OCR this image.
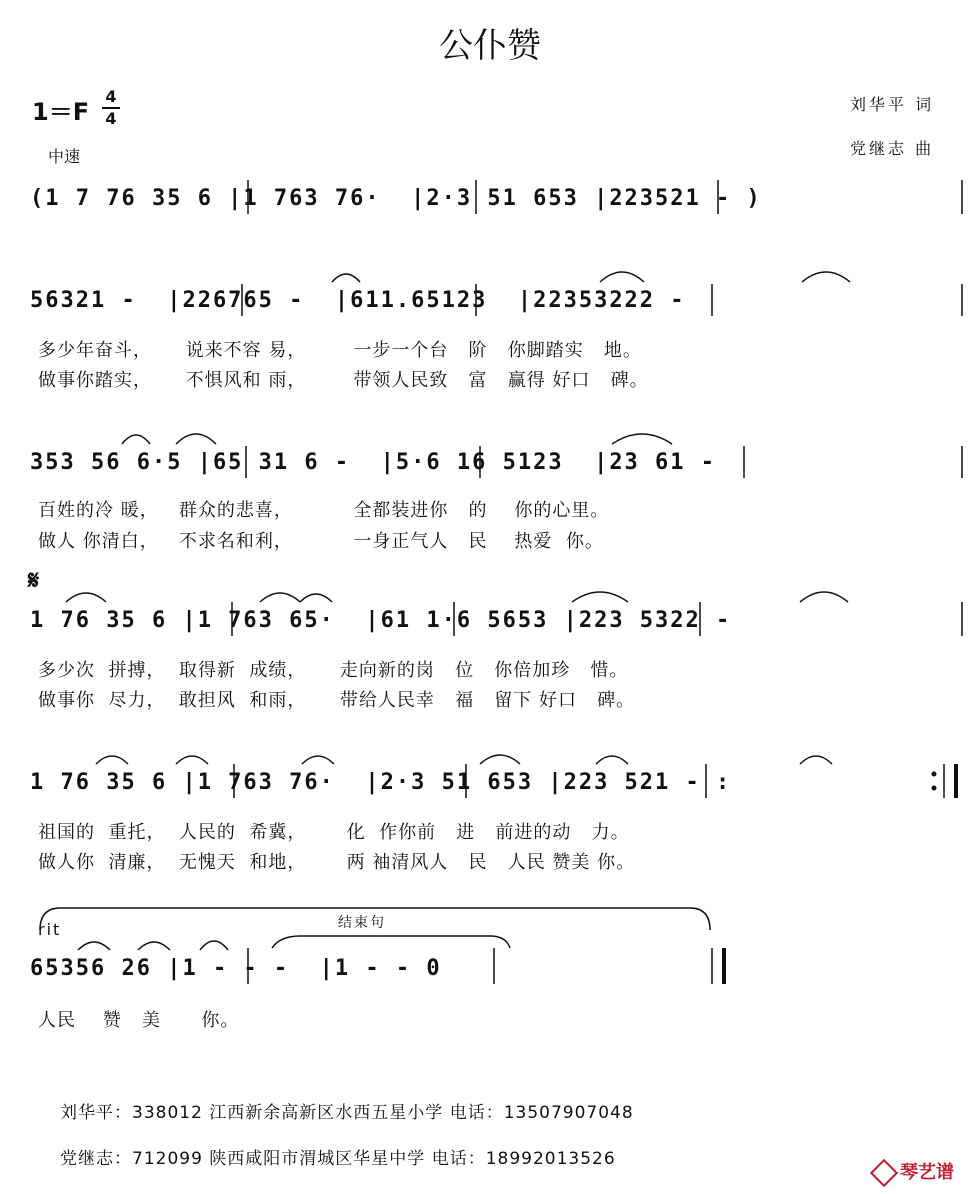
公仆赞
1＝F
4
4
中速
刘华平 词
党继志 曲
(1 7 76 35 6 |1 763 76·  |2·3 51 653 |223521 - )
56321 -  |226765 -  |611.65123  |22353222 -
多少年奋斗，     说来不容 易，       一步一个台   阶   你脚踏实   地。
做事你踏实，     不惧风和 雨，       带领人民致   富   赢得 好口   碑。
353 56 6·5 |65 31 6 -  |5·6 16 5123  |23 61 -
百姓的冷 暖，   群众的悲喜，         全都装进你   的    你的心里。
做人 你清白，   不求名和利，         一身正气人   民    热爱  你。
𝄋
1 76 35 6 |1 763 65·  |61 1·6 5653 |223 5322 -
多少次  拼搏，  取得新  成绩，     走向新的岗   位   你倍加珍   惜。
做事你  尽力，  敢担风  和雨，     带给人民幸   福   留下 好口   碑。
1 76 35 6 |1 763 76·  |2·3 51 653 |223 521 - :
祖国的  重托，  人民的  希冀，      化  作你前   进   前进的动   力。
做人你  清廉，  无愧天  和地，      两 袖清风人   民   人民 赞美 你。
rit	结束句
65356 26 |1 - - -  |1 - - 0
人民    赞   美      你。
刘华平：338012 江西新余高新区水西五星小学 电话：13507907048
党继志：712099 陕西咸阳市渭城区华星中学 电话：18992013526
琴艺谱
